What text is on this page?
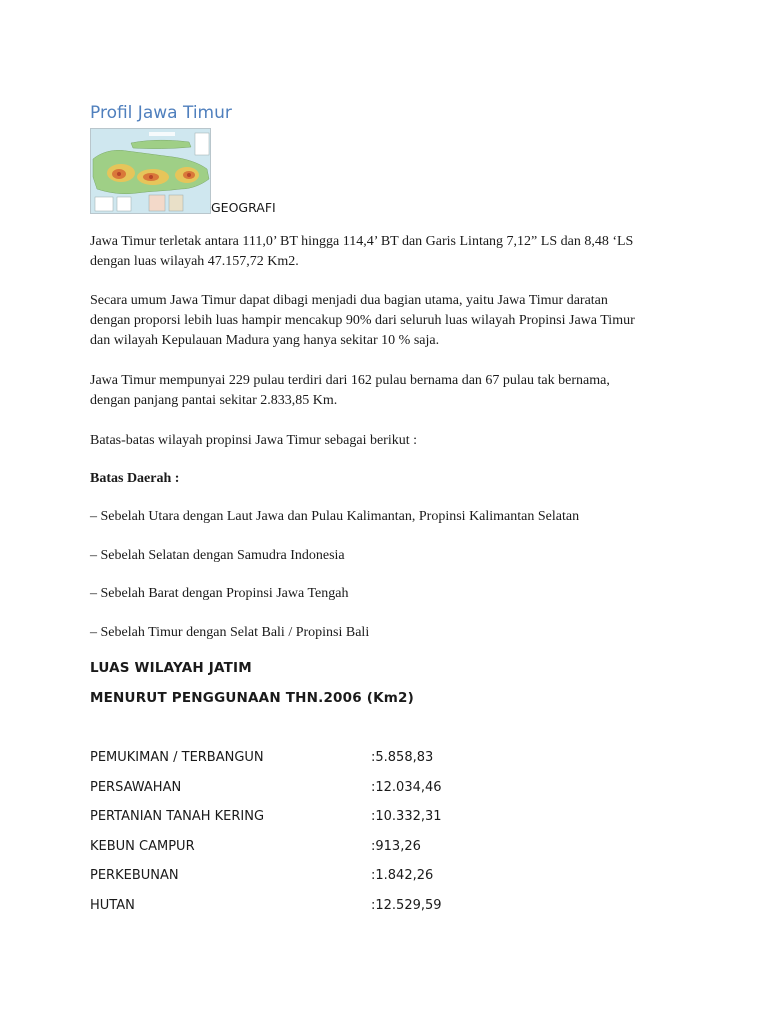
Profil Jawa Timur
GEOGRAFI
Jawa Timur terletak antara 111,0’ BT hingga 114,4’ BT dan Garis Lintang 7,12” LS dan 8,48 ‘LS
dengan luas wilayah 47.157,72 Km2.
Secara umum Jawa Timur dapat dibagi menjadi dua bagian utama, yaitu Jawa Timur daratan
dengan proporsi lebih luas hampir mencakup 90% dari seluruh luas wilayah Propinsi Jawa Timur
dan wilayah Kepulauan Madura yang hanya sekitar 10 % saja.
Jawa Timur mempunyai 229 pulau terdiri dari 162 pulau bernama dan 67 pulau tak bernama,
dengan panjang pantai sekitar 2.833,85 Km.
Batas-batas wilayah propinsi Jawa Timur sebagai berikut :
Batas Daerah :
– Sebelah Utara dengan Laut Jawa dan Pulau Kalimantan, Propinsi Kalimantan Selatan
– Sebelah Selatan dengan Samudra Indonesia
– Sebelah Barat dengan Propinsi Jawa Tengah
– Sebelah Timur dengan Selat Bali / Propinsi Bali
LUAS WILAYAH JATIM
MENURUT PENGGUNAAN THN.2006 (Km2)
PEMUKIMAN / TERBANGUN	:5.858,83
PERSAWAHAN	:12.034,46
PERTANIAN TANAH KERING	:10.332,31
KEBUN CAMPUR	:913,26
PERKEBUNAN	:1.842,26
HUTAN	:12.529,59
